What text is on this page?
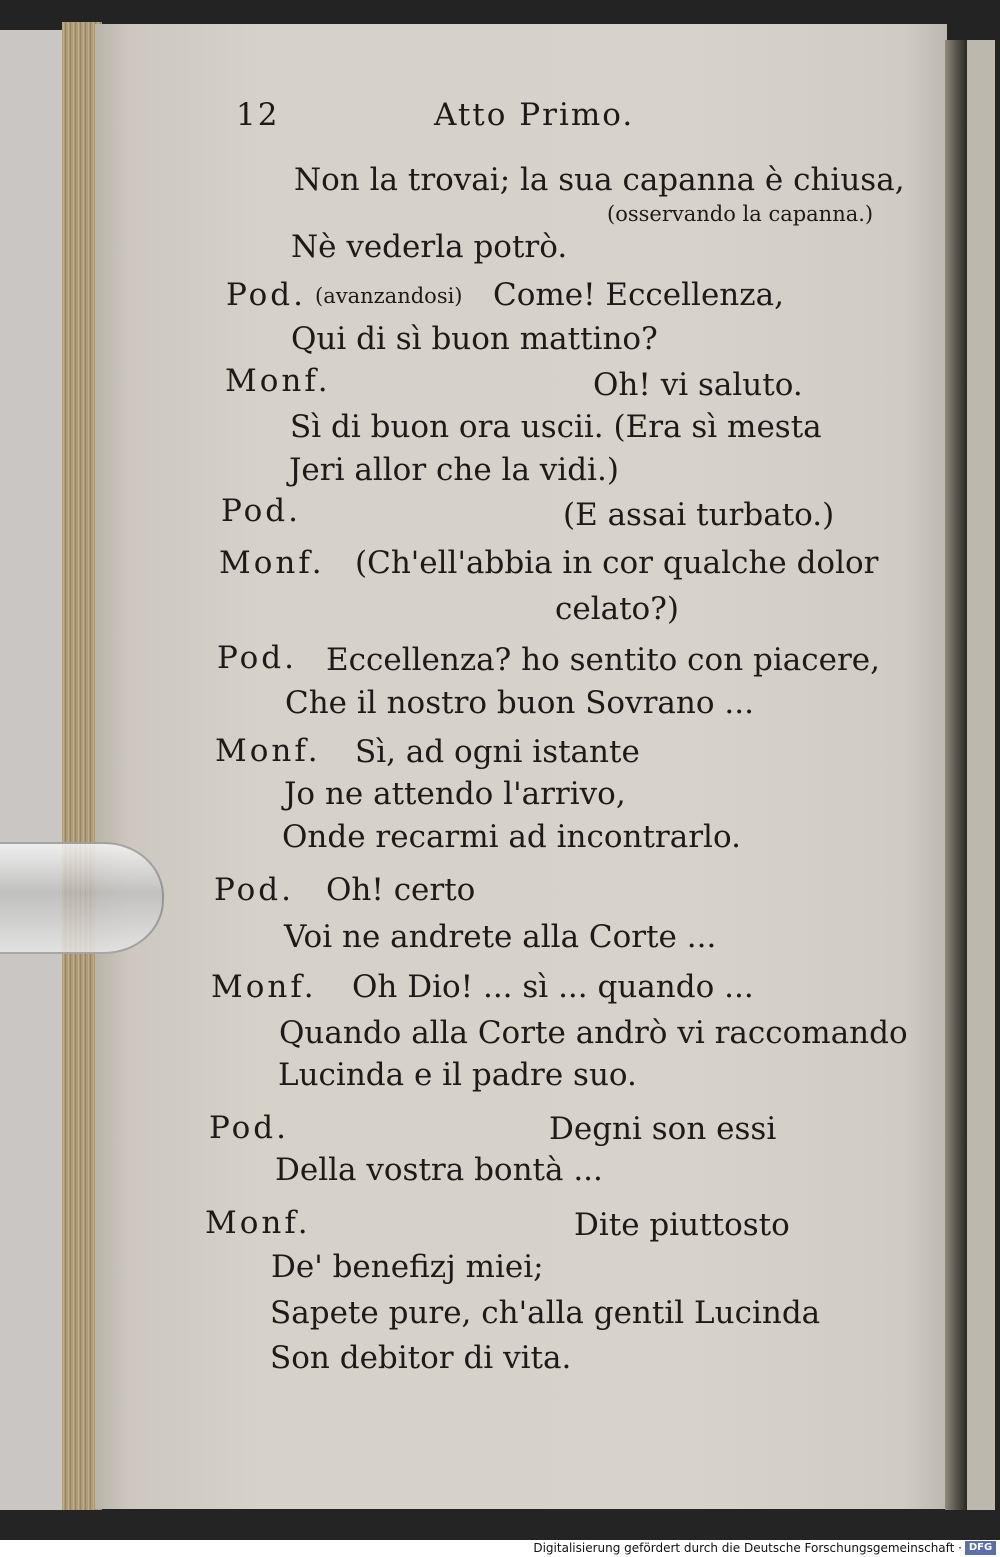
12	Atto Primo.
Non la trovai; la sua capanna è chiusa,
(osservando la capanna.)
Nè vederla potrò.
Pod. (avanzandosi) Come! Eccellenza,
Qui di sì buon mattino?
Monf.	Oh! vi saluto.
Sì di buon ora uscii. (Era sì mesta
Jeri allor che la vidi.)
Pod.	(E assai turbato.)
Monf. (Ch'ell'abbia in cor qualche dolor
celato?)
Pod. Eccellenza? ho sentito con piacere,
Che il nostro buon Sovrano ...
Monf. Sì, ad ogni istante
Jo ne attendo l'arrivo,
Onde recarmi ad incontrarlo.
Pod. Oh! certo
Voi ne andrete alla Corte ...
Monf. Oh Dio! ... sì ... quando ...
Quando alla Corte andrò vi raccomando
Lucinda e il padre suo.
Pod.	Degni son essi
Della vostra bontà ...
Monf.	Dite piuttosto
De' benefizj miei;
Sapete pure, ch'alla gentil Lucinda
Son debitor di vita.
Digitalisierung gefördert durch die Deutsche Forschungsgemeinschaft · DFG
